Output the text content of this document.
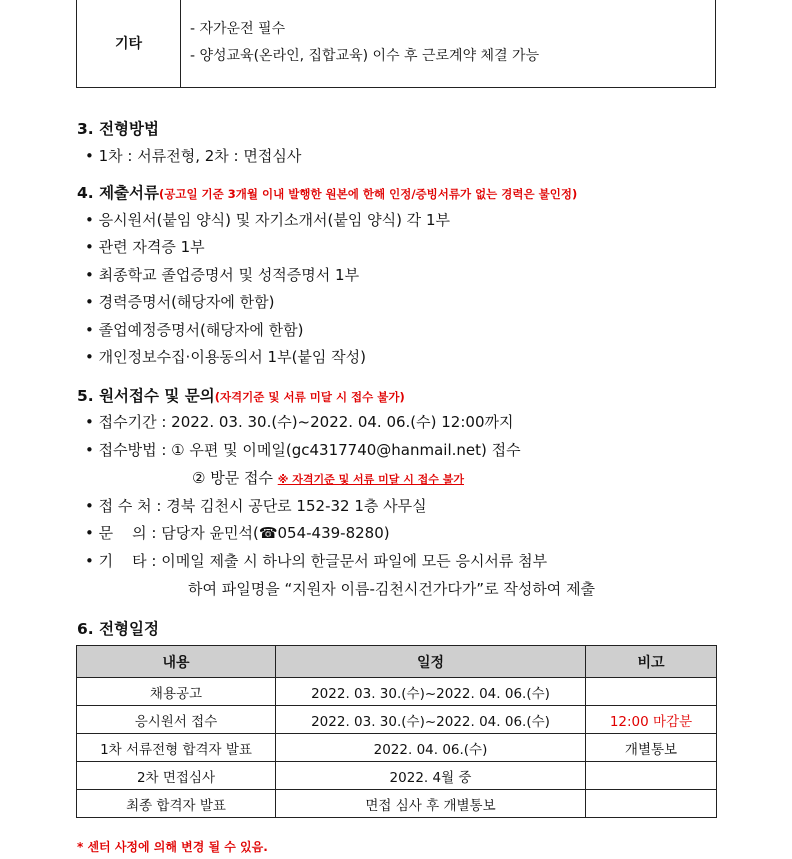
기타
- 자가운전 필수
- 양성교육(온라인, 집합교육) 이수 후 근로계약 체결 가능
3. 전형방법
• 1차 : 서류전형, 2차 : 면접심사
4. 제출서류(공고일 기준 3개월 이내 발행한 원본에 한해 인정/증빙서류가 없는 경력은 불인정)
• 응시원서(붙임 양식) 및 자기소개서(붙임 양식) 각 1부
• 관련 자격증 1부
• 최종학교 졸업증명서 및 성적증명서 1부
• 경력증명서(해당자에 한함)
• 졸업예정증명서(해당자에 한함)
• 개인정보수집·이용동의서 1부(붙임 작성)
5. 원서접수 및 문의(자격기준 및 서류 미달 시 접수 불가)
• 접수기간 : 2022. 03. 30.(수)~2022. 04. 06.(수) 12:00까지
• 접수방법 : ① 우편 및 이메일(gc4317740@hanmail.net) 접수
② 방문 접수 ※ 자격기준 및 서류 미달 시 접수 불가
• 접 수 처 : 경북 김천시 공단로 152-32 1층 사무실
• 문    의 : 담당자 윤민석(☎054-439-8280)
• 기    타 : 이메일 제출 시 하나의 한글문서 파일에 모든 응시서류 첨부
하여 파일명을 “지원자 이름-김천시건가다가”로 작성하여 제출
6. 전형일정
내용	일정	비고
채용공고	2022. 03. 30.(수)~2022. 04. 06.(수)	
응시원서 접수	2022. 03. 30.(수)~2022. 04. 06.(수)	12:00 마감분
1차 서류전형 합격자 발표	2022. 04. 06.(수)	개별통보
2차 면접심사	2022. 4월 중	
최종 합격자 발표	면접 심사 후 개별통보	
* 센터 사정에 의해 변경 될 수 있음.
